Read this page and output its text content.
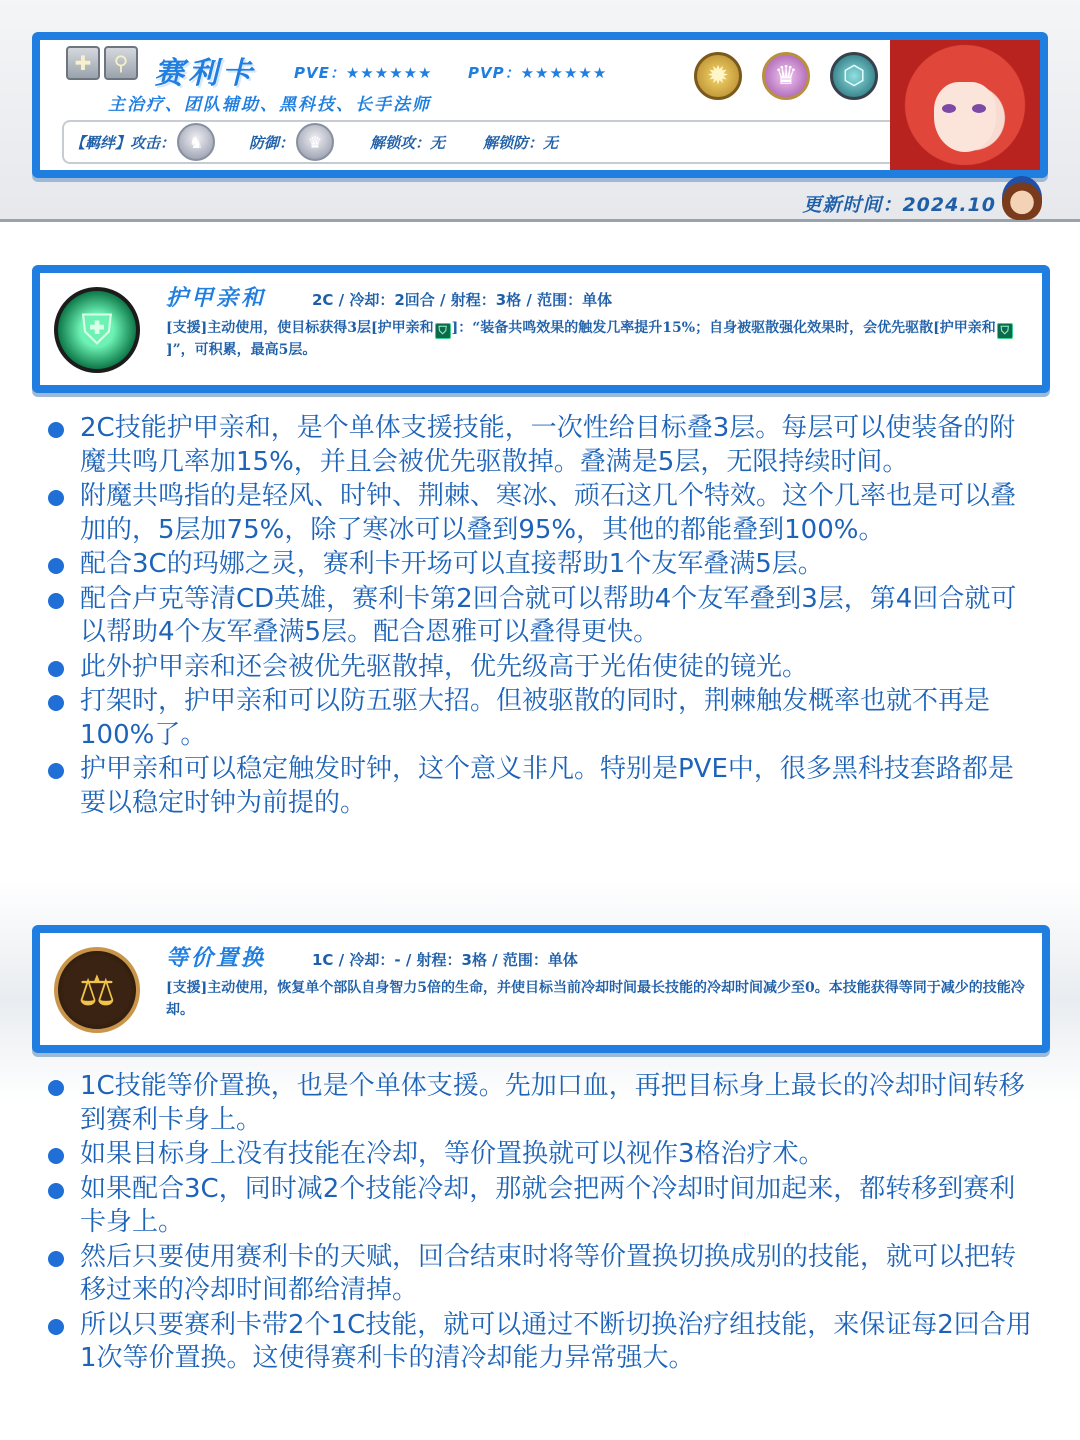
✚	⚲ 赛利卡	PVE：★★★★★★ PVP：★★★★★★
主治疗、团队辅助、黑科技、长手法师
【羁绊】攻击： ♞	防御： ♛	解锁攻：无	解锁防：无
✹	♛	⬡
更新时间：2024.10
⛨
护甲亲和	2C / 冷却：2回合 / 射程：3格 / 范围：单体
[支援]主动使用，使目标获得3层[护甲亲和 ⛉ ]：“装备共鸣效果的触发几率提升15%；自身被驱散强化效果时，会优先驱散[护甲亲和 ⛉]”，可积累，最高5层。
2C技能护甲亲和，是个单体支援技能，一次性给目标叠3层。每层可以使装备的附魔共鸣几率加15%，并且会被优先驱散掉。叠满是5层，无限持续时间。
附魔共鸣指的是轻风、时钟、荆棘、寒冰、顽石这几个特效。这个几率也是可以叠加的，5层加75%，除了寒冰可以叠到95%，其他的都能叠到100%。
配合3C的玛娜之灵，赛利卡开场可以直接帮助1个友军叠满5层。
配合卢克等清CD英雄，赛利卡第2回合就可以帮助4个友军叠到3层，第4回合就可以帮助4个友军叠满5层。配合恩雅可以叠得更快。
此外护甲亲和还会被优先驱散掉，优先级高于光佑使徒的镜光。
打架时，护甲亲和可以防五驱大招。但被驱散的同时，荆棘触发概率也就不再是100%了。
护甲亲和可以稳定触发时钟，这个意义非凡。特别是PVE中，很多黑科技套路都是要以稳定时钟为前提的。
⚖
等价置换	1C / 冷却：- / 射程：3格 / 范围：单体
[支援]主动使用，恢复单个部队自身智力5倍的生命，并使目标当前冷却时间最长技能的冷却时间减少至0。本技能获得等同于减少的技能冷却。
1C技能等价置换，也是个单体支援。先加口血，再把目标身上最长的冷却时间转移到赛利卡身上。
如果目标身上没有技能在冷却，等价置换就可以视作3格治疗术。
如果配合3C，同时减2个技能冷却，那就会把两个冷却时间加起来，都转移到赛利卡身上。
然后只要使用赛利卡的天赋，回合结束时将等价置换切换成别的技能，就可以把转移过来的冷却时间都给清掉。
所以只要赛利卡带2个1C技能，就可以通过不断切换治疗组技能，来保证每2回合用1次等价置换。这使得赛利卡的清冷却能力异常强大。
